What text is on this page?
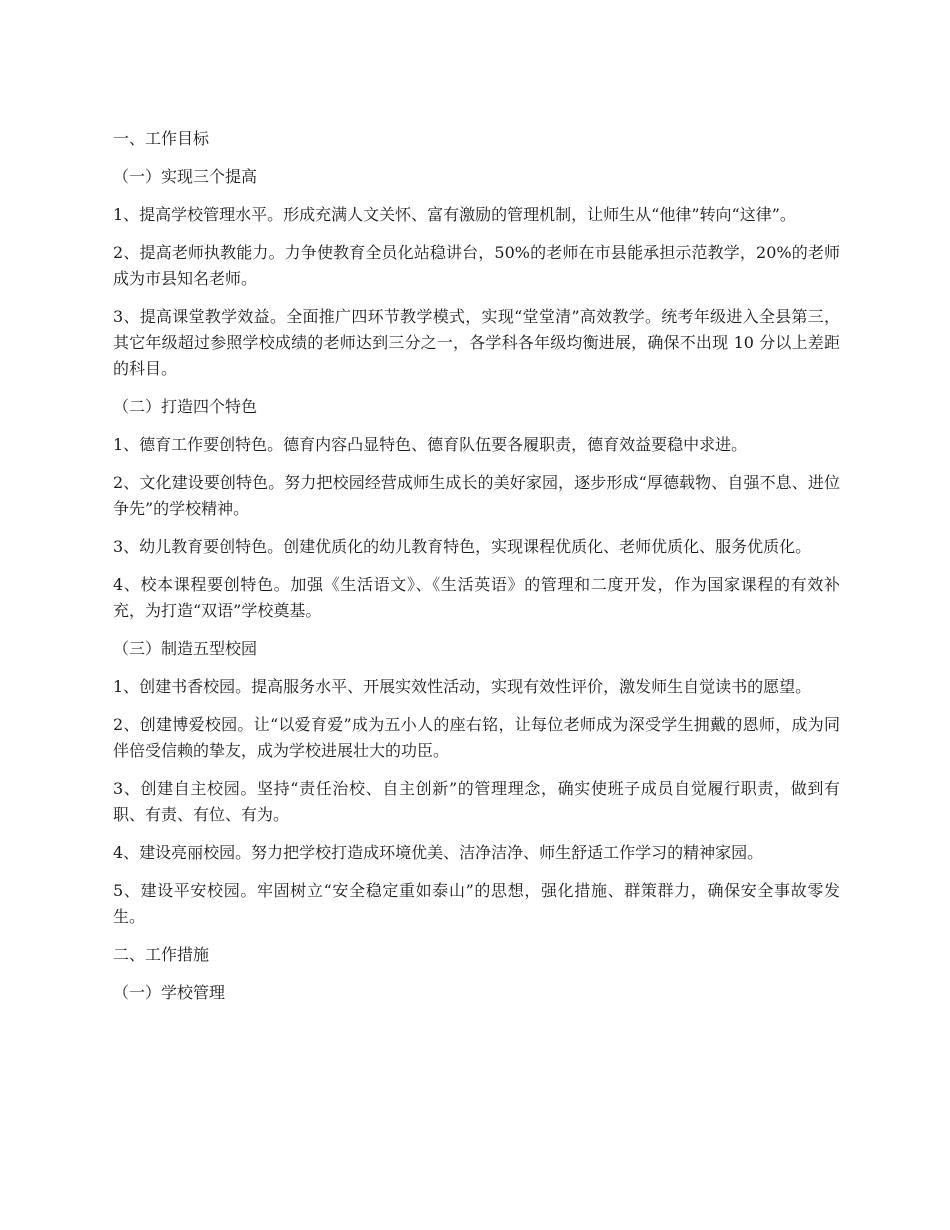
一、工作目标

（一）实现三个提高

1、提高学校管理水平。形成充满人文关怀、富有激励的管理机制，让师生从“他律”转向“这律”。

2、提高老师执教能力。力争使教育全员化站稳讲台，50%的老师在市县能承担示范教学，20%的老师成为市县知名老师。

3、提高课堂教学效益。全面推广四环节教学模式，实现“堂堂清”高效教学。统考年级进入全县第三，其它年级超过参照学校成绩的老师达到三分之一，各学科各年级均衡进展，确保不出现 10 分以上差距的科目。

（二）打造四个特色

1、德育工作要创特色。德育内容凸显特色、德育队伍要各履职责，德育效益要稳中求进。

2、文化建设要创特色。努力把校园经营成师生成长的美好家园，逐步形成“厚德载物、自强不息、进位争先”的学校精神。

3、幼儿教育要创特色。创建优质化的幼儿教育特色，实现课程优质化、老师优质化、服务优质化。

4、校本课程要创特色。加强《生活语文》、《生活英语》的管理和二度开发，作为国家课程的有效补充，为打造“双语”学校奠基。

（三）制造五型校园

1、创建书香校园。提高服务水平、开展实效性活动，实现有效性评价，激发师生自觉读书的愿望。

2、创建博爱校园。让“以爱育爱”成为五小人的座右铭，让每位老师成为深受学生拥戴的恩师，成为同伴倍受信赖的挚友，成为学校进展壮大的功臣。

3、创建自主校园。坚持“责任治校、自主创新”的管理理念，确实使班子成员自觉履行职责，做到有职、有责、有位、有为。

4、建设亮丽校园。努力把学校打造成环境优美、洁净洁净、师生舒适工作学习的精神家园。

5、建设平安校园。牢固树立“安全稳定重如泰山”的思想，强化措施、群策群力，确保安全事故零发生。

二、工作措施

（一）学校管理
